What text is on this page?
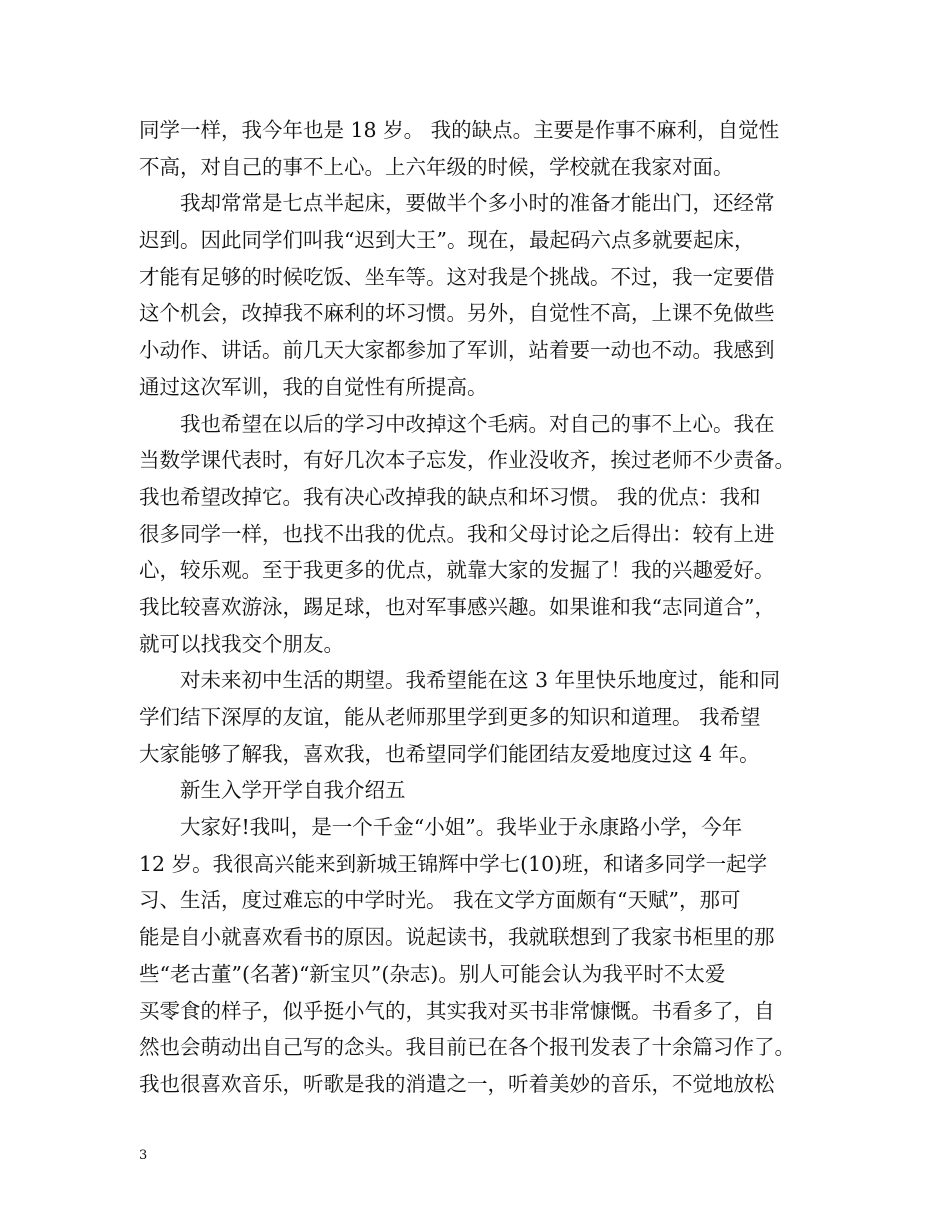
同学一样，我今年也是 18 岁。 我的缺点。主要是作事不麻利，自觉性
不高，对自己的事不上心。上六年级的时候，学校就在我家对面。
我却常常是七点半起床，要做半个多小时的准备才能出门，还经常
迟到。因此同学们叫我“迟到大王”。现在，最起码六点多就要起床，
才能有足够的时候吃饭、坐车等。这对我是个挑战。不过，我一定要借
这个机会，改掉我不麻利的坏习惯。另外，自觉性不高，上课不免做些
小动作、讲话。前几天大家都参加了军训，站着要一动也不动。我感到
通过这次军训，我的自觉性有所提高。
我也希望在以后的学习中改掉这个毛病。对自己的事不上心。我在
当数学课代表时，有好几次本子忘发，作业没收齐，挨过老师不少责备。
我也希望改掉它。我有决心改掉我的缺点和坏习惯。 我的优点：我和
很多同学一样，也找不出我的优点。我和父母讨论之后得出：较有上进
心，较乐观。至于我更多的优点，就靠大家的发掘了！我的兴趣爱好。
我比较喜欢游泳，踢足球，也对军事感兴趣。如果谁和我“志同道合”，
就可以找我交个朋友。
对未来初中生活的期望。我希望能在这 3 年里快乐地度过，能和同
学们结下深厚的友谊，能从老师那里学到更多的知识和道理。 我希望
大家能够了解我，喜欢我，也希望同学们能团结友爱地度过这 4 年。
新生入学开学自我介绍五
大家好!我叫，是一个千金“小姐”。我毕业于永康路小学，今年
12 岁。我很高兴能来到新城王锦辉中学七(10)班，和诸多同学一起学
习、生活，度过难忘的中学时光。 我在文学方面颇有“天赋”，那可
能是自小就喜欢看书的原因。说起读书，我就联想到了我家书柜里的那
些“老古董”(名著)“新宝贝”(杂志)。别人可能会认为我平时不太爱
买零食的样子，似乎挺小气的，其实我对买书非常慷慨。书看多了，自
然也会萌动出自己写的念头。我目前已在各个报刊发表了十余篇习作了。
我也很喜欢音乐，听歌是我的消遣之一，听着美妙的音乐，不觉地放松
3
